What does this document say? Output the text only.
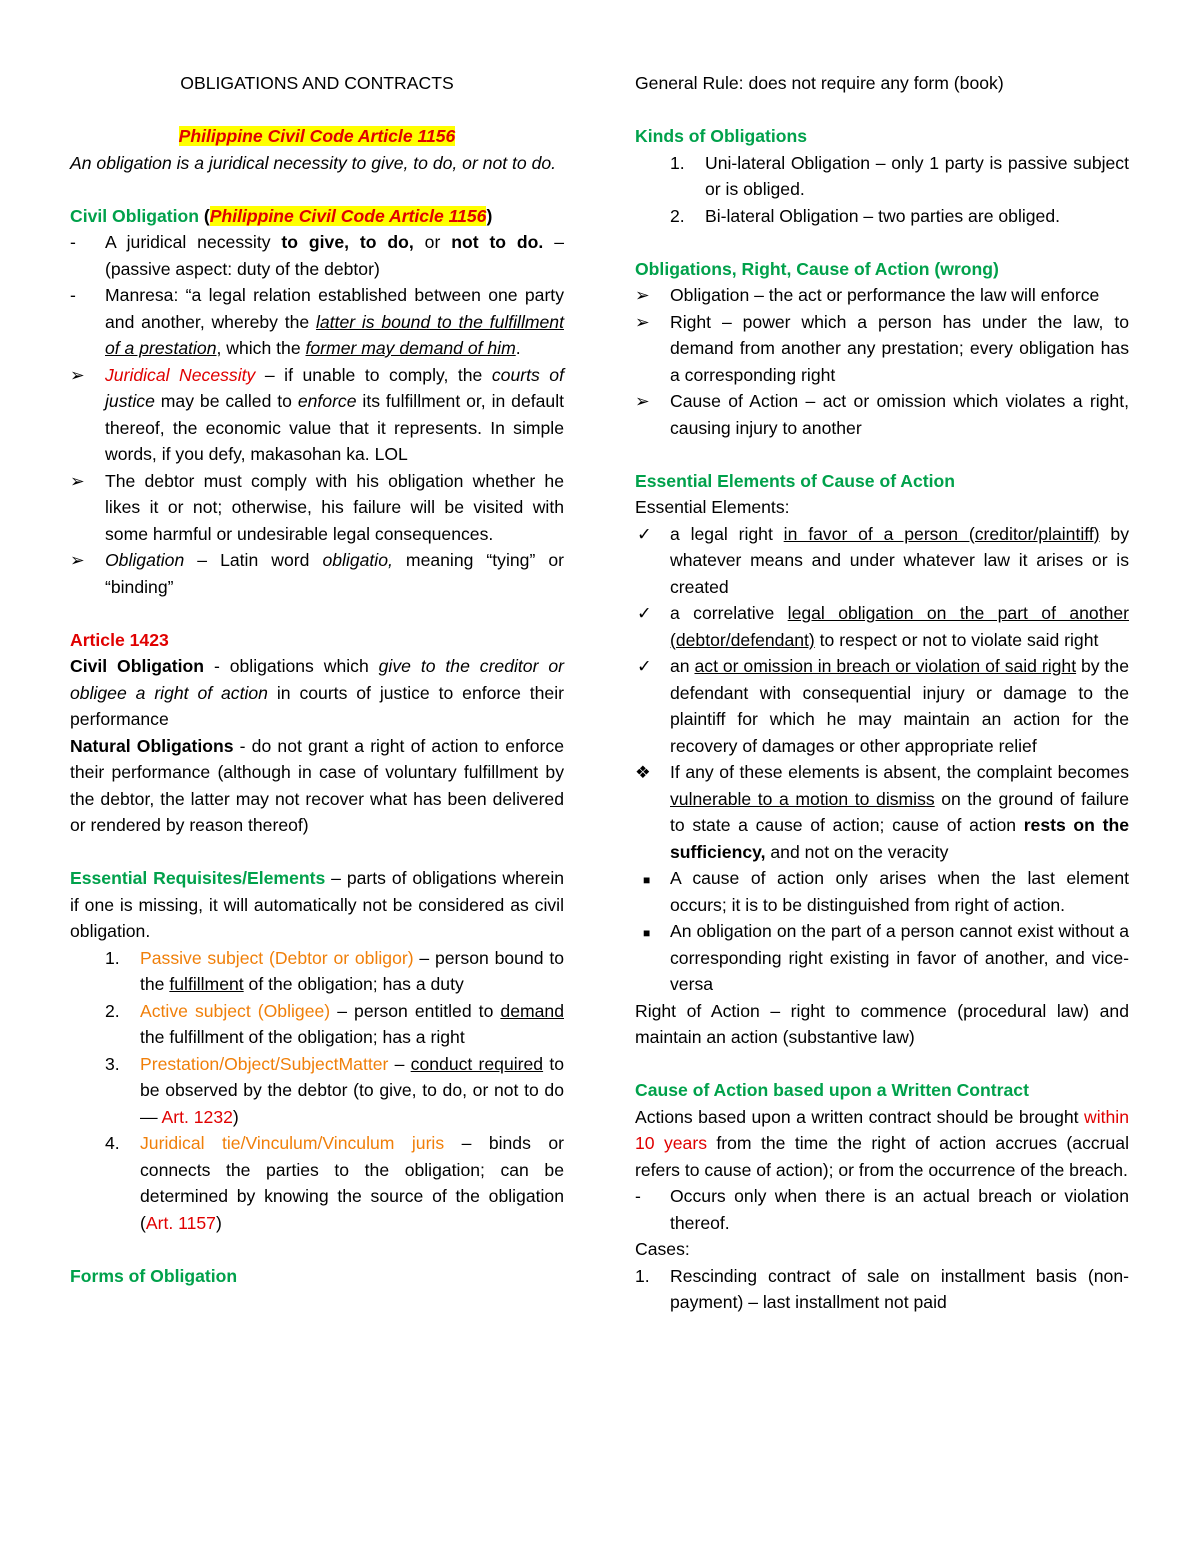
OBLIGATIONS AND CONTRACTS
Philippine Civil Code Article 1156
An obligation is a juridical necessity to give, to do, or not to do.
Civil Obligation (Philippine Civil Code Article 1156)
- A juridical necessity to give, to do, or not to do. – (passive aspect: duty of the debtor)
- Manresa: “a legal relation established between one party and another, whereby the latter is bound to the fulfillment of a prestation, which the former may demand of him.
➢ Juridical Necessity – if unable to comply, the courts of justice may be called to enforce its fulfillment or, in default thereof, the economic value that it represents. In simple words, if you defy, makasohan ka. LOL
➢ The debtor must comply with his obligation whether he likes it or not; otherwise, his failure will be visited with some harmful or undesirable legal consequences.
➢ Obligation – Latin word obligatio, meaning “tying” or “binding”
Article 1423
Civil Obligation - obligations which give to the creditor or obligee a right of action in courts of justice to enforce their performance
Natural Obligations - do not grant a right of action to enforce their performance (although in case of voluntary fulfillment by the debtor, the latter may not recover what has been delivered or rendered by reason thereof)
Essential Requisites/Elements – parts of obligations wherein if one is missing, it will automatically not be considered as civil obligation.
1. Passive subject (Debtor or obligor) – person bound to the fulfillment of the obligation; has a duty
2. Active subject (Obligee) – person entitled to demand the fulfillment of the obligation; has a right
3. Prestation/Object/SubjectMatter – conduct required to be observed by the debtor (to give, to do, or not to do— Art. 1232)
4. Juridical tie/Vinculum/Vinculum juris – binds or connects the parties to the obligation; can be determined by knowing the source of the obligation (Art. 1157)
Forms of Obligation
General Rule: does not require any form (book)
Kinds of Obligations
1. Uni-lateral Obligation – only 1 party is passive subject or is obliged.
2. Bi-lateral Obligation – two parties are obliged.
Obligations, Right, Cause of Action (wrong)
➢ Obligation – the act or performance the law will enforce
➢ Right – power which a person has under the law, to demand from another any prestation; every obligation has a corresponding right
➢ Cause of Action – act or omission which violates a right, causing injury to another
Essential Elements of Cause of Action
Essential Elements:
✓ a legal right in favor of a person (creditor/plaintiff) by whatever means and under whatever law it arises or is created
✓ a correlative legal obligation on the part of another (debtor/defendant) to respect or not to violate said right
✓ an act or omission in breach or violation of said right by the defendant with consequential injury or damage to the plaintiff for which he may maintain an action for the recovery of damages or other appropriate relief
❖ If any of these elements is absent, the complaint becomes vulnerable to a motion to dismiss on the ground of failure to state a cause of action; cause of action rests on the sufficiency, and not on the veracity
■ A cause of action only arises when the last element occurs; it is to be distinguished from right of action.
■ An obligation on the part of a person cannot exist without a corresponding right existing in favor of another, and vice-versa
Right of Action – right to commence (procedural law) and maintain an action (substantive law)
Cause of Action based upon a Written Contract
Actions based upon a written contract should be brought within 10 years from the time the right of action accrues (accrual refers to cause of action); or from the occurrence of the breach.
- Occurs only when there is an actual breach or violation thereof.
Cases:
1. Rescinding contract of sale on installment basis (non-payment) – last installment not paid
